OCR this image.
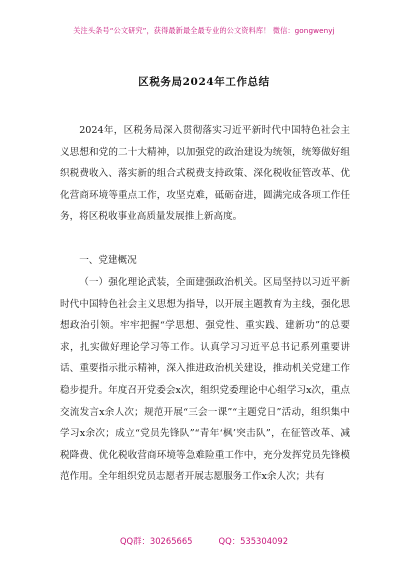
关注头条号“公文研究”，获得最新最全最专业的公文资料库！ 微信：gongwenyj
区税务局2024年工作总结

2024年，区税务局深入贯彻落实习近平新时代中国特色社会主义思想和党的二十大精神，以加强党的政治建设为统领，统筹做好组织税费收入、落实新的组合式税费支持政策、深化税收征管改革、优化营商环境等重点工作，攻坚克难，砥砺奋进，圆满完成各项工作任务，将区税收事业高质量发展推上新高度。

一、党建概况

（一）强化理论武装，全面建强政治机关。区局坚持以习近平新时代中国特色社会主义思想为指导，以开展主题教育为主线，强化思想政治引领。牢牢把握“学思想、强党性、重实践、建新功”的总要求，扎实做好理论学习等工作。认真学习习近平总书记系列重要讲话、重要指示批示精神，深入推进政治机关建设，推动机关党建工作稳步提升。年度召开党委会x次，组织党委理论中心组学习x次，重点交流发言x余人次；规范开展“三会一课”“主题党日”活动，组织集中学习x余次；成立“党员先锋队”“青年‘枫’突击队”，在征管改革、减税降费、优化税收营商环境等急难险重工作中，充分发挥党员先锋模范作用。全年组织党员志愿者开展志愿服务工作x余人次；共有

QQ群：30265665	QQ：535304092
